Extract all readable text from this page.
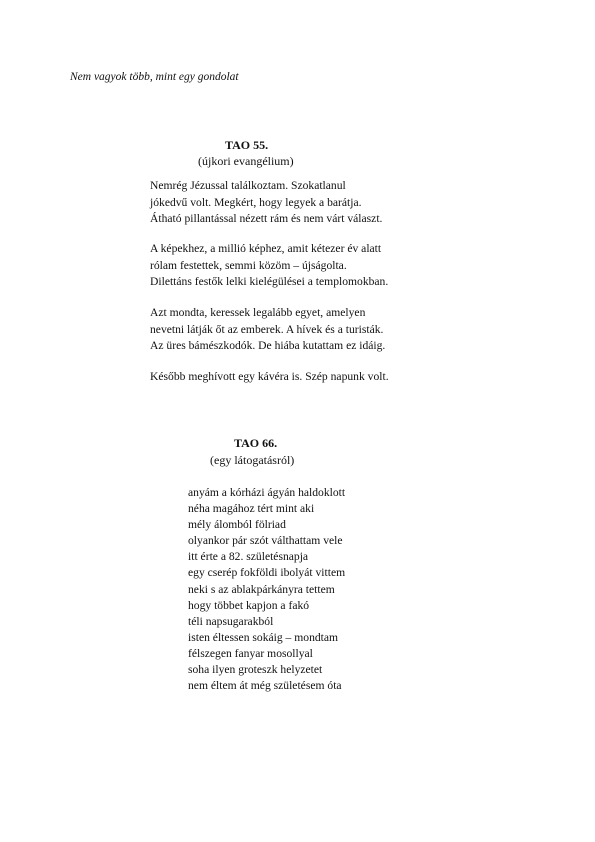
Nem vagyok több, mint egy gondolat
TAO 55.
(újkori evangélium)
Nemrég Jézussal találkoztam. Szokatlanul
jókedvű volt. Megkért, hogy legyek a barátja.
Átható pillantással nézett rám és nem várt választ.
A képekhez, a millió képhez, amit kétezer év alatt
rólam festettek, semmi közöm – újságolta.
Dilettáns festők lelki kielégülései a templomokban.
Azt mondta, keressek legalább egyet, amelyen
nevetni látják őt az emberek. A hívek és a turisták.
Az üres bámészkodók. De hiába kutattam ez idáig.
Később meghívott egy kávéra is. Szép napunk volt.
TAO 66.
(egy látogatásról)
anyám a kórházi ágyán haldoklott
néha magához tért mint aki
mély álomból fölriad
olyankor pár szót válthattam vele
itt érte a 82. születésnapja
egy cserép fokföldi ibolyát vittem
neki s az ablakpárkányra tettem
hogy többet kapjon a fakó
téli napsugarakból
isten éltessen sokáig – mondtam
félszegen fanyar mosollyal
soha ilyen groteszk helyzetet
nem éltem át még születésem óta
